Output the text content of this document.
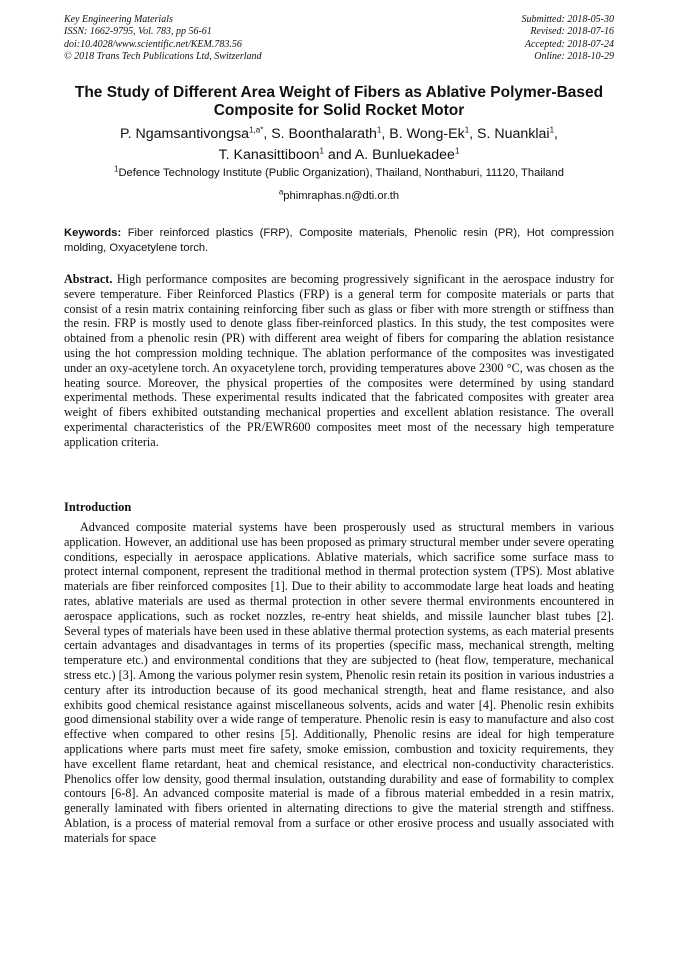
Key Engineering Materials
ISSN: 1662-9795, Vol. 783, pp 56-61
doi:10.4028/www.scientific.net/KEM.783.56
© 2018 Trans Tech Publications Ltd, Switzerland
Submitted: 2018-05-30
Revised: 2018-07-16
Accepted: 2018-07-24
Online: 2018-10-29
The Study of Different Area Weight of Fibers as Ablative Polymer-Based Composite for Solid Rocket Motor
P. Ngamsantivongsa$^{1,a*}$, S. Boonthalarath$^1$, B. Wong-Ek$^1$, S. Nuanklai$^1$,
T. Kanasittiboon$^1$ and A. Bunluekadee$^1$
$^1$Defence Technology Institute (Public Organization), Thailand, Nonthaburi, 11120, Thailand
$^a$phimraphas.n@dti.or.th
Keywords: Fiber reinforced plastics (FRP), Composite materials, Phenolic resin (PR), Hot compression molding, Oxyacetylene torch.
Abstract. High performance composites are becoming progressively significant in the aerospace industry for severe temperature. Fiber Reinforced Plastics (FRP) is a general term for composite materials or parts that consist of a resin matrix containing reinforcing fiber such as glass or fiber with more strength or stiffness than the resin. FRP is mostly used to denote glass fiber-reinforced plastics. In this study, the test composites were obtained from a phenolic resin (PR) with different area weight of fibers for comparing the ablation resistance using the hot compression molding technique. The ablation performance of the composites was investigated under an oxy-acetylene torch. An oxyacetylene torch, providing temperatures above 2300 °C, was chosen as the heating source. Moreover, the physical properties of the composites were determined by using standard experimental methods. These experimental results indicated that the fabricated composites with greater area weight of fibers exhibited outstanding mechanical properties and excellent ablation resistance. The overall experimental characteristics of the PR/EWR600 composites meet most of the necessary high temperature application criteria.
Introduction

Advanced composite material systems have been prosperously used as structural members in various application. However, an additional use has been proposed as primary structural member under severe operating conditions, especially in aerospace applications. Ablative materials, which sacrifice some surface mass to protect internal component, represent the traditional method in thermal protection system (TPS). Most ablative materials are fiber reinforced composites [1]. Due to their ability to accommodate large heat loads and heating rates, ablative materials are used as thermal protection in other severe thermal environments encountered in aerospace applications, such as rocket nozzles, re-entry heat shields, and missile launcher blast tubes [2]. Several types of materials have been used in these ablative thermal protection systems, as each material presents certain advantages and disadvantages in terms of its properties (specific mass, mechanical strength, melting temperature etc.) and environmental conditions that they are subjected to (heat flow, temperature, mechanical stress etc.) [3]. Among the various polymer resin system, Phenolic resin retain its position in various industries a century after its introduction because of its good mechanical strength, heat and flame resistance, and also exhibits good chemical resistance against miscellaneous solvents, acids and water [4]. Phenolic resin exhibits good dimensional stability over a wide range of temperature. Phenolic resin is easy to manufacture and also cost effective when compared to other resins [5]. Additionally, Phenolic resins are ideal for high temperature applications where parts must meet fire safety, smoke emission, combustion and toxicity requirements, they have excellent flame retardant, heat and chemical resistance, and electrical non-conductivity characteristics. Phenolics offer low density, good thermal insulation, outstanding durability and ease of formability to complex contours [6-8]. An advanced composite material is made of a fibrous material embedded in a resin matrix, generally laminated with fibers oriented in alternating directions to give the material strength and stiffness. Ablation, is a process of material removal from a surface or other erosive process and usually associated with materials for space
